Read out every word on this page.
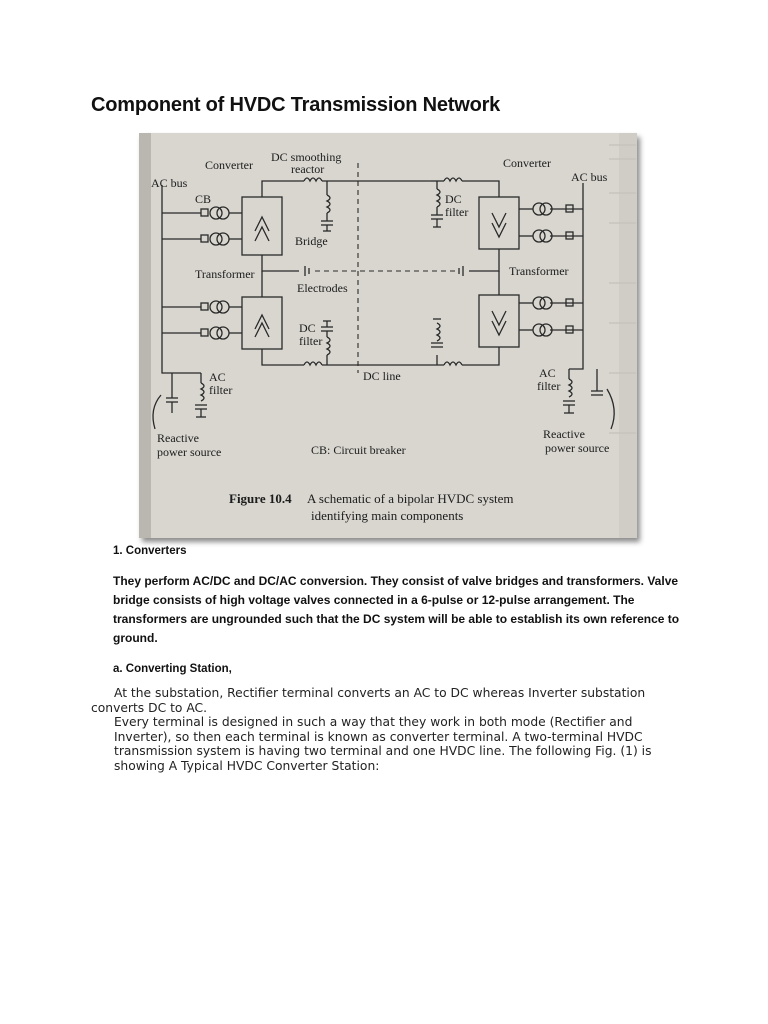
Component of HVDC Transmission Network
AC bus	AC bus
Converter	Converter
DC smoothing
reactor
CB
Bridge
DC
filter
Transformer	Transformer
Electrodes
DC
filter
DC line
AC
filter
AC
filter
Reactive
power source
Reactive
power source
CB: Circuit breaker
Figure 10.4 A schematic of a bipolar HVDC system
identifying main components
1. Converters
They perform AC/DC and DC/AC conversion. They consist of valve bridges and transformers. Valve bridge consists of high voltage valves connected in a 6-pulse or 12-pulse arrangement. The transformers are ungrounded such that the DC system will be able to establish its own reference to ground.
a. Converting Station,

At the substation, Rectifier terminal converts an AC to DC whereas Inverter substation converts DC to AC.

Every terminal is designed in such a way that they work in both mode (Rectifier and Inverter), so then each terminal is known as converter terminal. A two-terminal HVDC transmission system is having two terminal and one HVDC line. The following Fig. (1) is showing A Typical HVDC Converter Station:
